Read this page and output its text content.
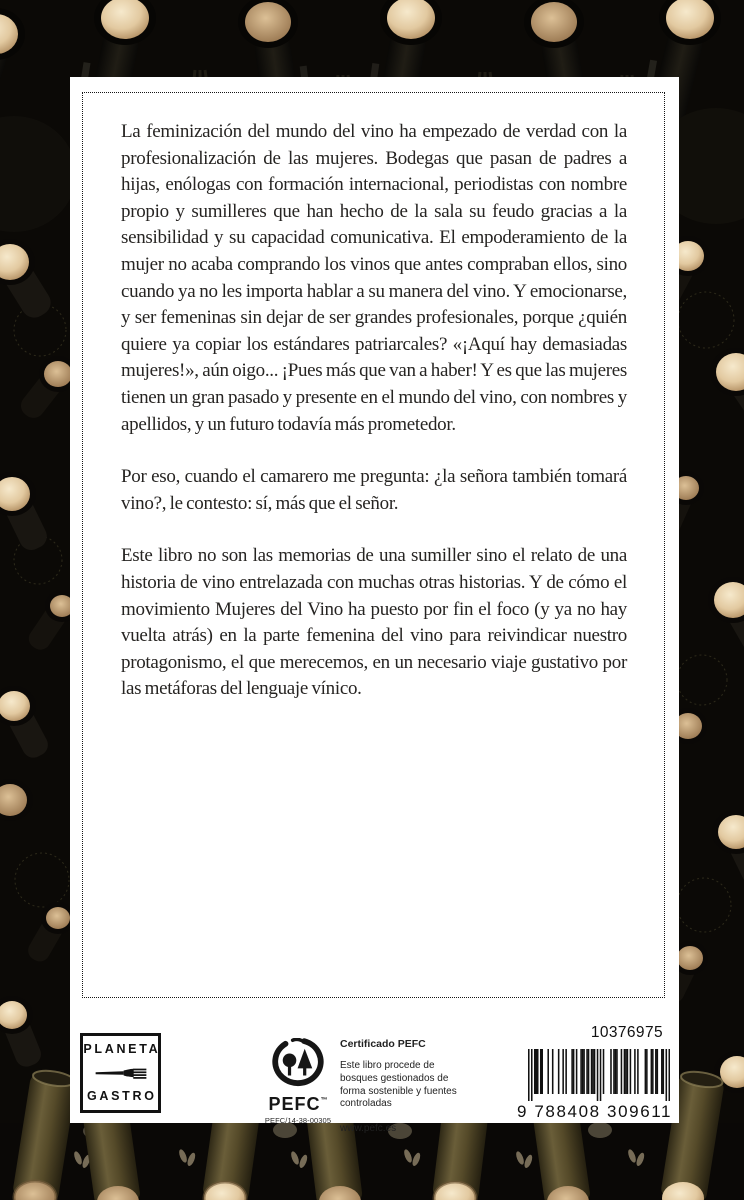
La feminización del mundo del vino ha empezado de verdad con la profesionalización de las mujeres. Bodegas que pasan de padres a hijas, enólogas con formación internacional, periodistas con nombre propio y sumilleres que han hecho de la sala su feudo gracias a la sensibilidad y su capacidad comunicativa. El empoderamiento de la mujer no acaba comprando los vinos que antes compraban ellos, sino cuando ya no les importa hablar a su manera del vino. Y emocionarse, y ser femeninas sin dejar de ser grandes profesionales, porque ¿quién quiere ya copiar los estándares patriarcales? «¡Aquí hay demasiadas mujeres!», aún oigo... ¡Pues más que van a haber! Y es que las mujeres tienen un gran pasado y presente en el mundo del vino, con nombres y apellidos, y un futuro todavía más prometedor.

Por eso, cuando el camarero me pregunta: ¿la señora también tomará vino?, le contesto: sí, más que el señor.

Este libro no son las memorias de una sumiller sino el relato de una historia de vino entrelazada con muchas otras historias. Y de cómo el movimiento Mujeres del Vino ha puesto por fin el foco (y ya no hay vuelta atrás) en la parte femenina del vino para reivindicar nuestro protagonismo, el que merecemos, en un necesario viaje gustativo por las metáforas del lenguaje vínico.

PLANETA
GASTRO	PEFC™
PEFC/14-38-00305

Certificado PEFC

Este libro procede de bosques gestionados de forma sostenible y fuentes controladas

www.pefc.es
10376975
9 788408 309611
